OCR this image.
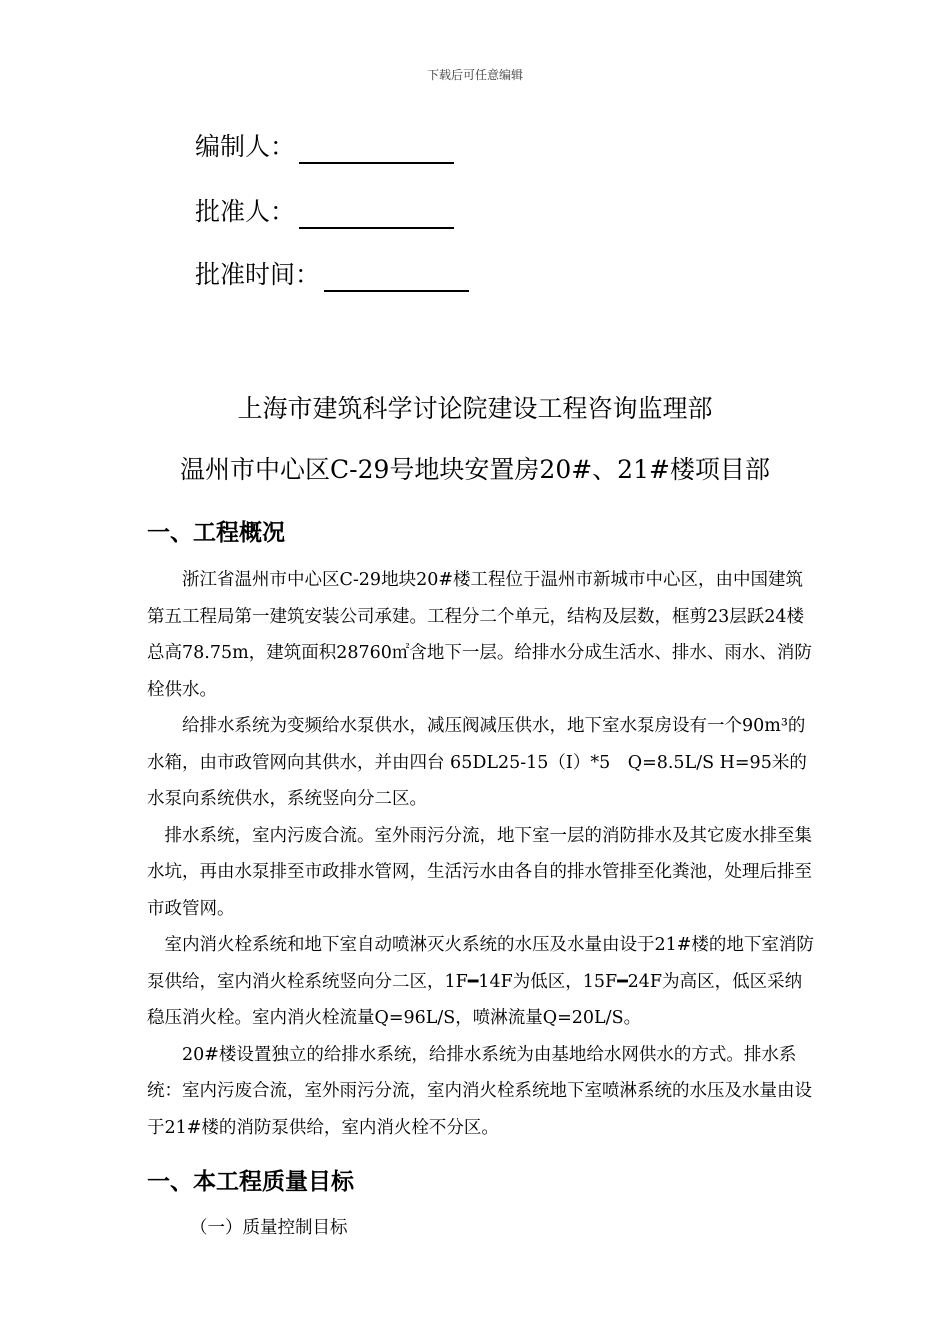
下载后可任意编辑
编制人：
批准人：
批准时间：
上海市建筑科学讨论院建设工程咨询监理部
温州市中心区C-29号地块安置房20#、21#楼项目部
一、工程概况

　　浙江省温州市中心区C-29地块20#楼工程位于温州市新城市中心区，由中国建筑第五工程局第一建筑安装公司承建。工程分二个单元，结构及层数，框剪23层跃24楼总高78.75m，建筑面积28760㎡含地下一层。给排水分成生活水、排水、雨水、消防栓供水。

　　给排水系统为变频给水泵供水，减压阀减压供水，地下室水泵房设有一个90m³的水箱，由市政管网向其供水，并由四台 65DL25-15（I）*5　Q=8.5L/S H=95米的水泵向系统供水，系统竖向分二区。

　排水系统，室内污废合流。室外雨污分流，地下室一层的消防排水及其它废水排至集水坑，再由水泵排至市政排水管网，生活污水由各自的排水管排至化粪池，处理后排至市政管网。

　室内消火栓系统和地下室自动喷淋灭火系统的水压及水量由设于21#楼的地下室消防泵供给，室内消火栓系统竖向分二区，1F━14F为低区，15F━24F为高区，低区采纳稳压消火栓。室内消火栓流量Q=96L/S，喷淋流量Q=20L/S。

　　20#楼设置独立的给排水系统，给排水系统为由基地给水网供水的方式。排水系统：室内污废合流，室外雨污分流，室内消火栓系统地下室喷淋系统的水压及水量由设于21#楼的消防泵供给，室内消火栓不分区。

一、本工程质量目标
（一）质量控制目标
